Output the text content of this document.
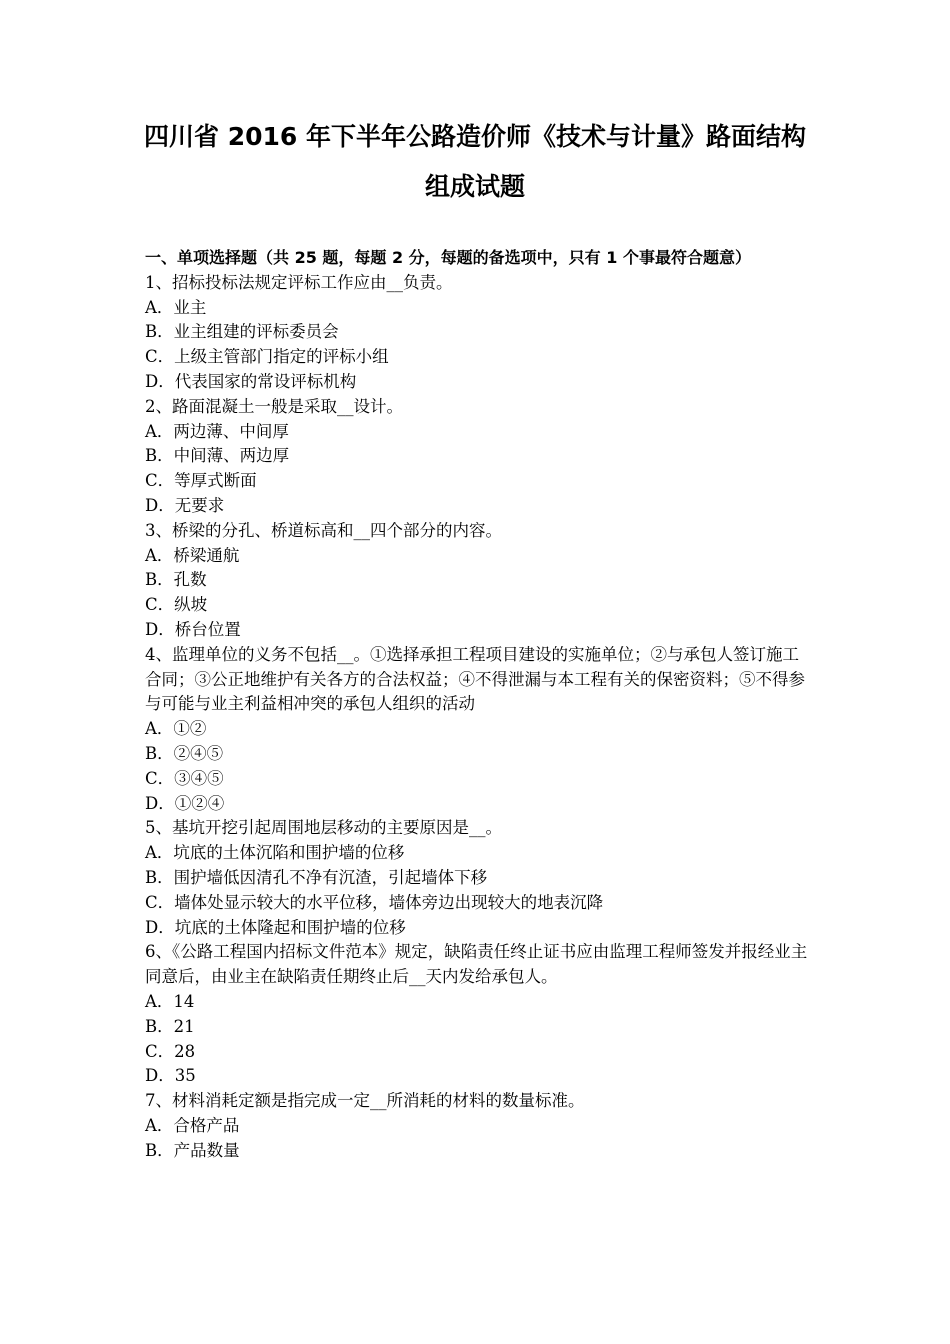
四川省 2016 年下半年公路造价师《技术与计量》路面结构
组成试题
一、单项选择题（共 25 题，每题 2 分，每题的备选项中，只有 1 个事最符合题意）
1、招标投标法规定评标工作应由__负责。
A．业主
B．业主组建的评标委员会
C．上级主管部门指定的评标小组
D．代表国家的常设评标机构
2、路面混凝土一般是采取__设计。
A．两边薄、中间厚
B．中间薄、两边厚
C．等厚式断面
D．无要求
3、桥梁的分孔、桥道标高和__四个部分的内容。
A．桥梁通航
B．孔数
C．纵坡
D．桥台位置
4、监理单位的义务不包括__。①选择承担工程项目建设的实施单位；②与承包人签订施工合同；③公正地维护有关各方的合法权益；④不得泄漏与本工程有关的保密资料；⑤不得参与可能与业主利益相冲突的承包人组织的活动
A．①②
B．②④⑤
C．③④⑤
D．①②④
5、基坑开挖引起周围地层移动的主要原因是__。
A．坑底的土体沉陷和围护墙的位移
B．围护墙低因清孔不净有沉渣，引起墙体下移
C．墙体处显示较大的水平位移，墙体旁边出现较大的地表沉降
D．坑底的土体隆起和围护墙的位移
6、《公路工程国内招标文件范本》规定，缺陷责任终止证书应由监理工程师签发并报经业主同意后，由业主在缺陷责任期终止后__天内发给承包人。
A．14
B．21
C．28
D．35
7、材料消耗定额是指完成一定__所消耗的材料的数量标准。
A．合格产品
B．产品数量
